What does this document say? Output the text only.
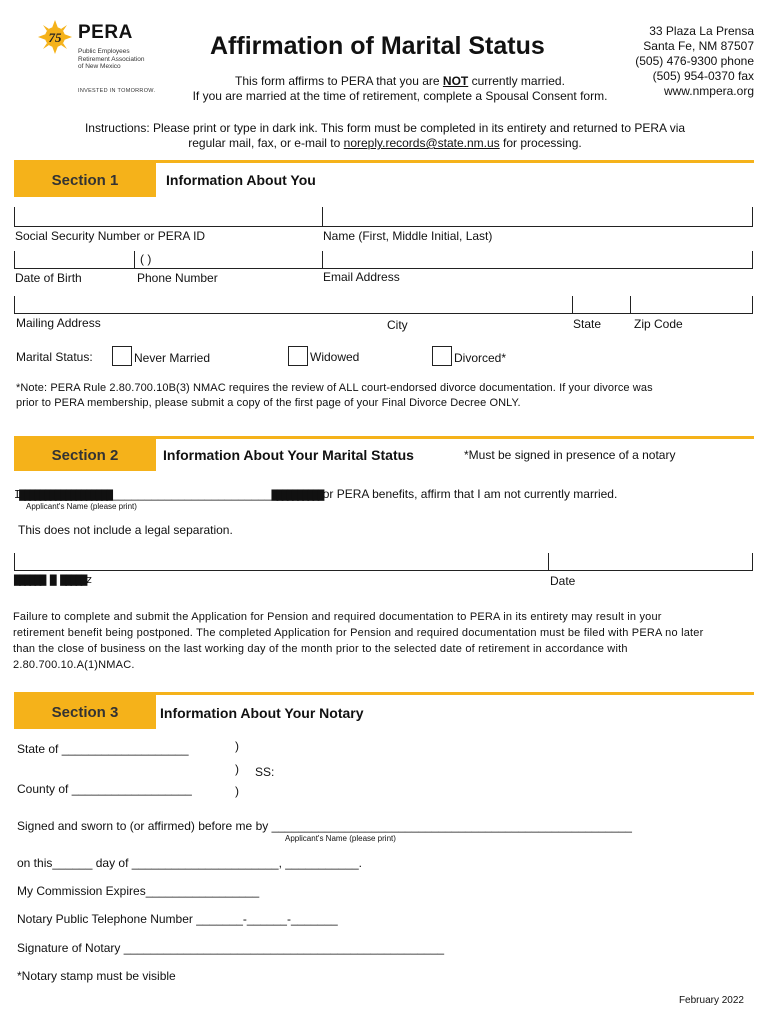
75 PERA
Public Employees Retirement Association of New Mexico
INVESTED IN TOMORROW.
Affirmation of Marital Status
This form affirms to PERA that you are NOT currently married.
If you are married at the time of retirement, complete a Spousal Consent form.
33 Plaza La Prensa
Santa Fe, NM 87507
(505) 476-9300 phone
(505) 954-0370 fax
www.nmpera.org
Instructions: Please print or type in dark ink. This form must be completed in its entirety and returned to PERA via
regular mail, fax, or e-mail to noreply.records@state.nm.us for processing.
Section 1	Information About You
Social Security Number or PERA ID	Name (First, Middle Initial, Last)
( )
Date of Birth	Phone Number	Email Address
Mailing Address	City	State	Zip Code
Marital Status:	Never Married	Widowed	Divorced*
*Note: PERA Rule 2.80.700.10B(3) NMAC requires the review of ALL court-endorsed divorce documentation. If your divorce was
prior to PERA membership, please submit a copy of the first page of your Final Divorce Decree ONLY.
Section 2	Information About Your Marital Status	*Must be signed in presence of a notary
I▇▇▇▇▇▇▇▇▇▇▇▇▇▇▇▇▇▇________________________▇▇▇▇▇▇▇▇▇▇or PERA benefits, affirm that I am not currently married.
Applicant's Name (please print)
This does not include a legal separation.
▇▇▇▇▇▇ ▇ ▇▇▇▇▇z	Date
Failure to complete and submit the Application for Pension and required documentation to PERA in its entirety may result in your
retirement benefit being postponed. The completed Application for Pension and required documentation must be filed with PERA no later
than the close of business on the last working day of the month prior to the selected date of retirement in accordance with
2.80.700.10.A(1)NMAC.
Section 3	Information About Your Notary
State of ___________________	)
) SS:
County of __________________	)
Signed and sworn to (or affirmed) before me by ______________________________________________________
Applicant's Name (please print)
on this______ day of ______________________, ___________.
My Commission Expires_________________
Notary Public Telephone Number _______-______-_______
Signature of Notary ________________________________________________
*Notary stamp must be visible
February 2022
